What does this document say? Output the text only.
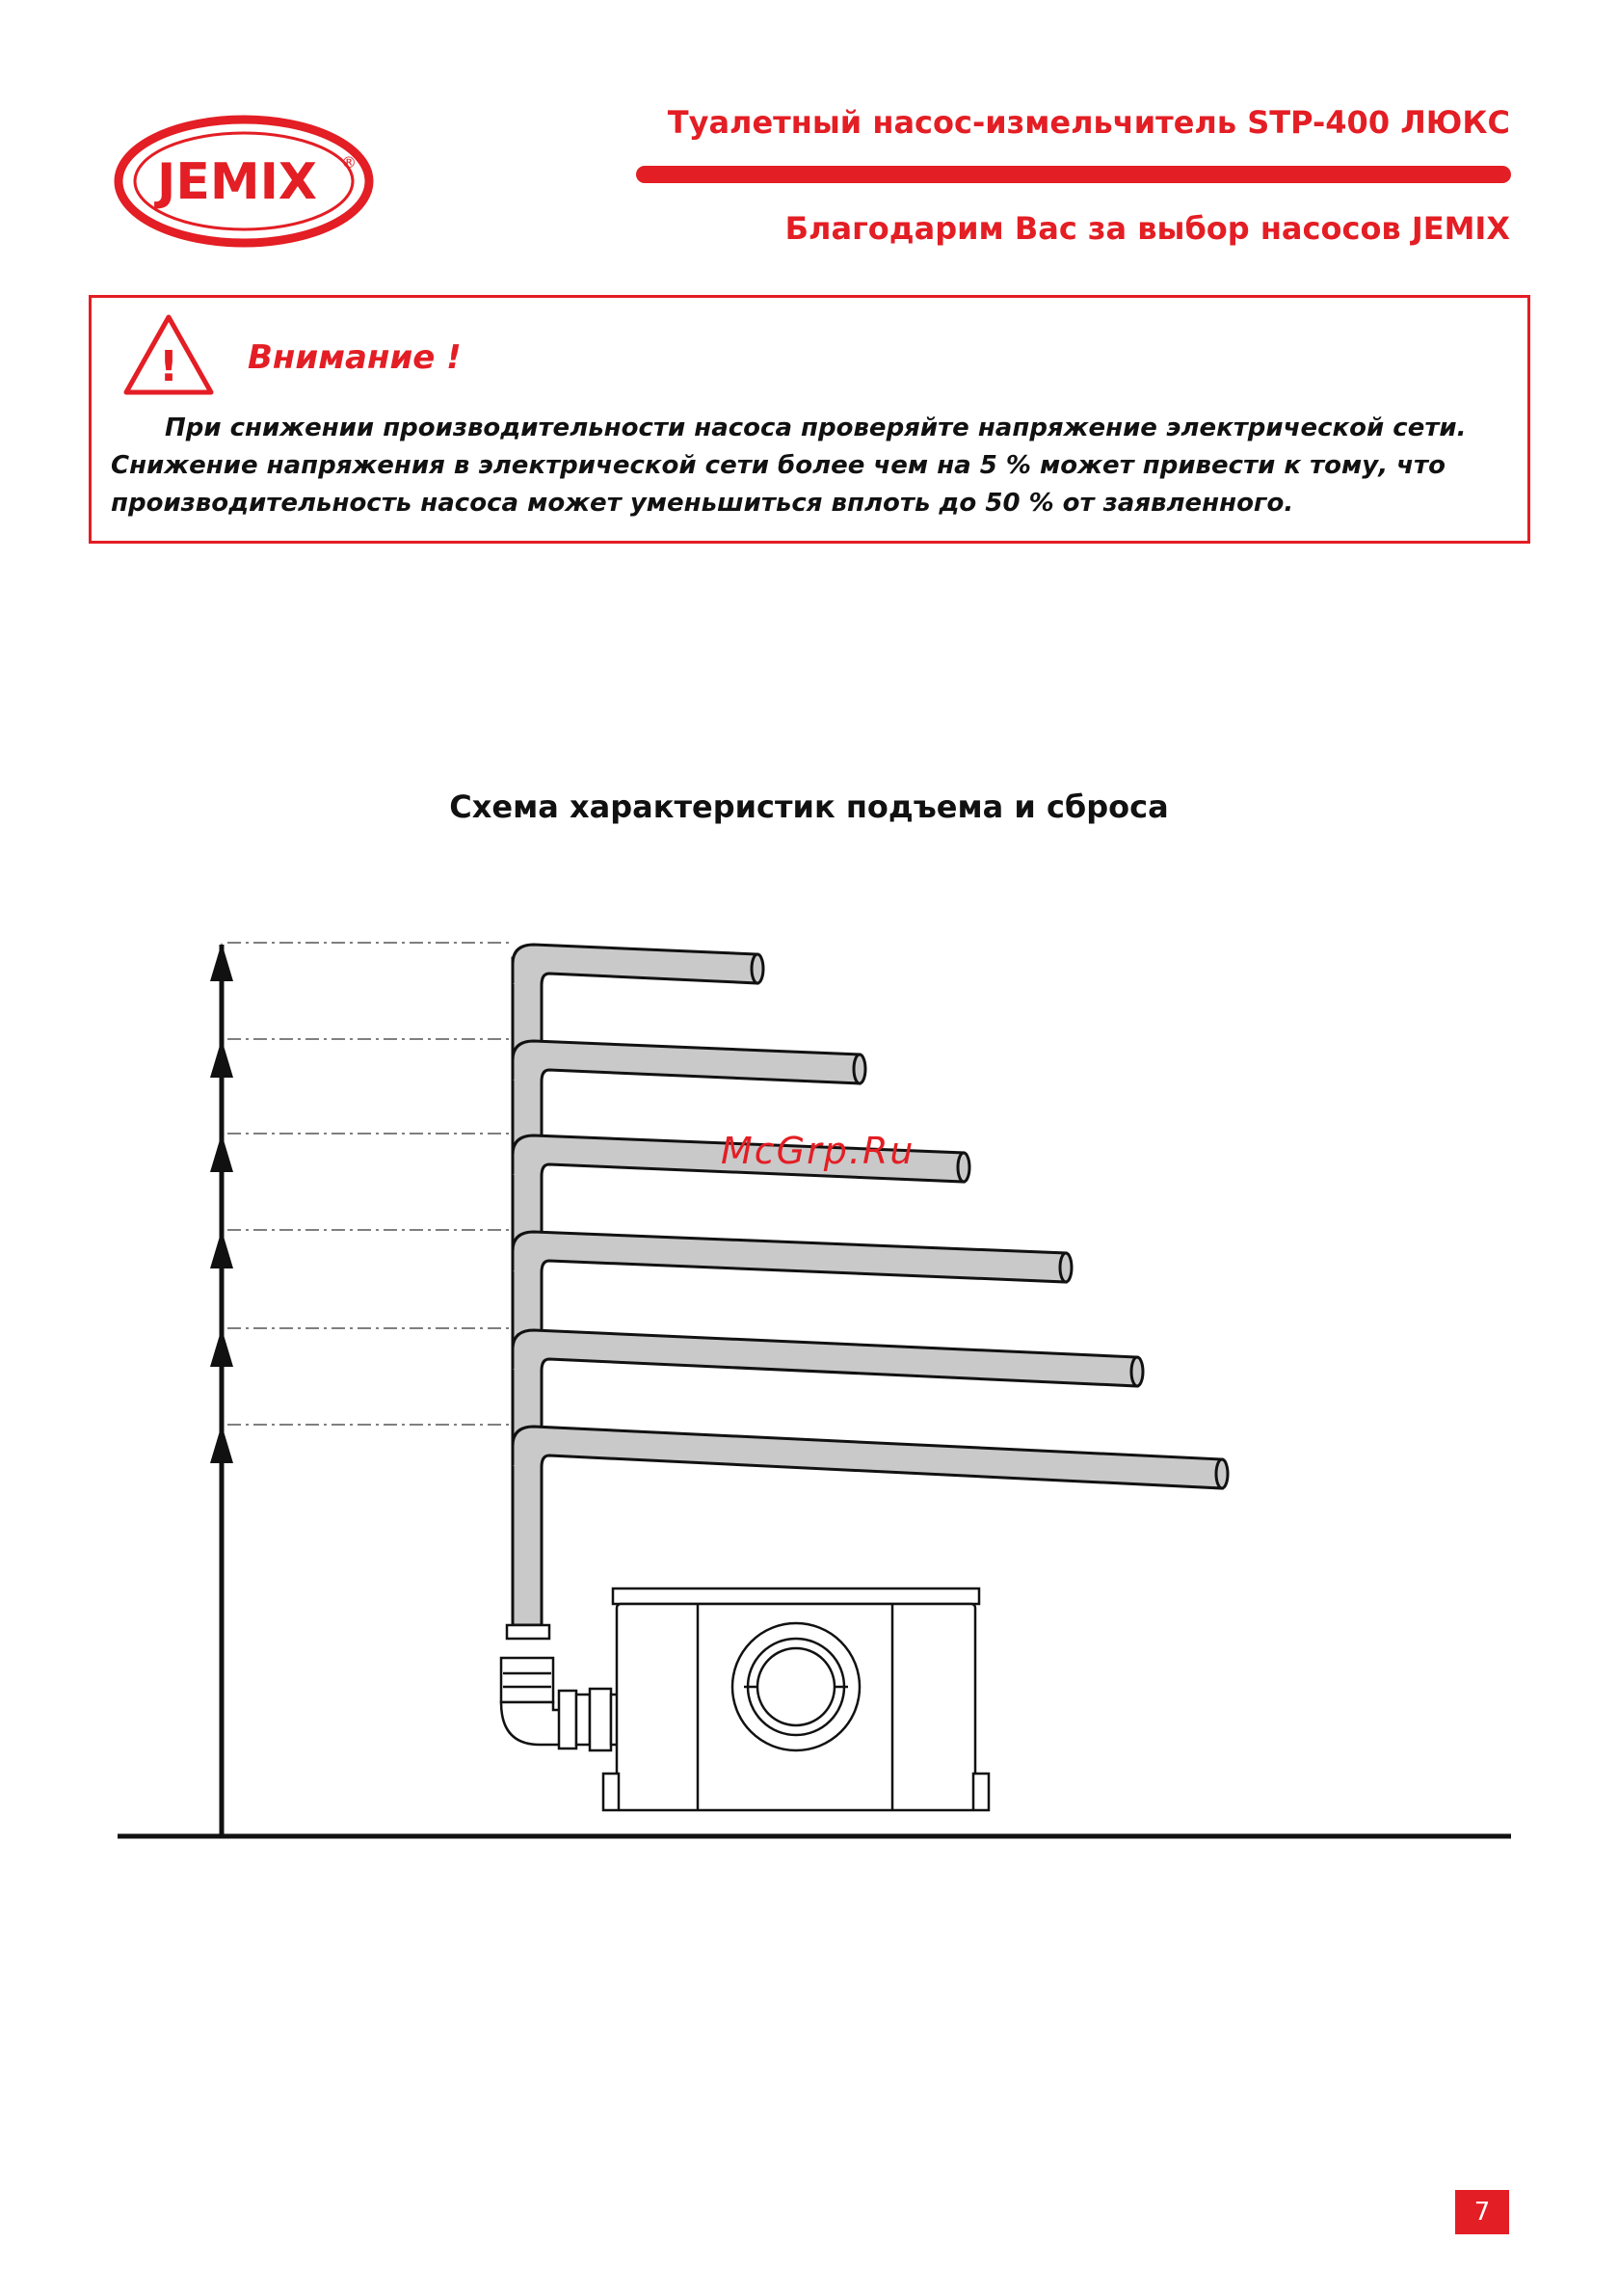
JEMIX ®
Туалетный насос-измельчитель STP-400 ЛЮКС
Благодарим Вас за выбор насосов JEMIX
! Внимание !
При снижении производительности насоса проверяйте напряжение электрической сети.
Снижение напряжения в электрической сети более чем на 5 % может привести к тому, что
производительность насоса может уменьшиться вплоть до 50 % от заявленного.
Схема характеристик подъема и сброса
McGrp.Ru
7
